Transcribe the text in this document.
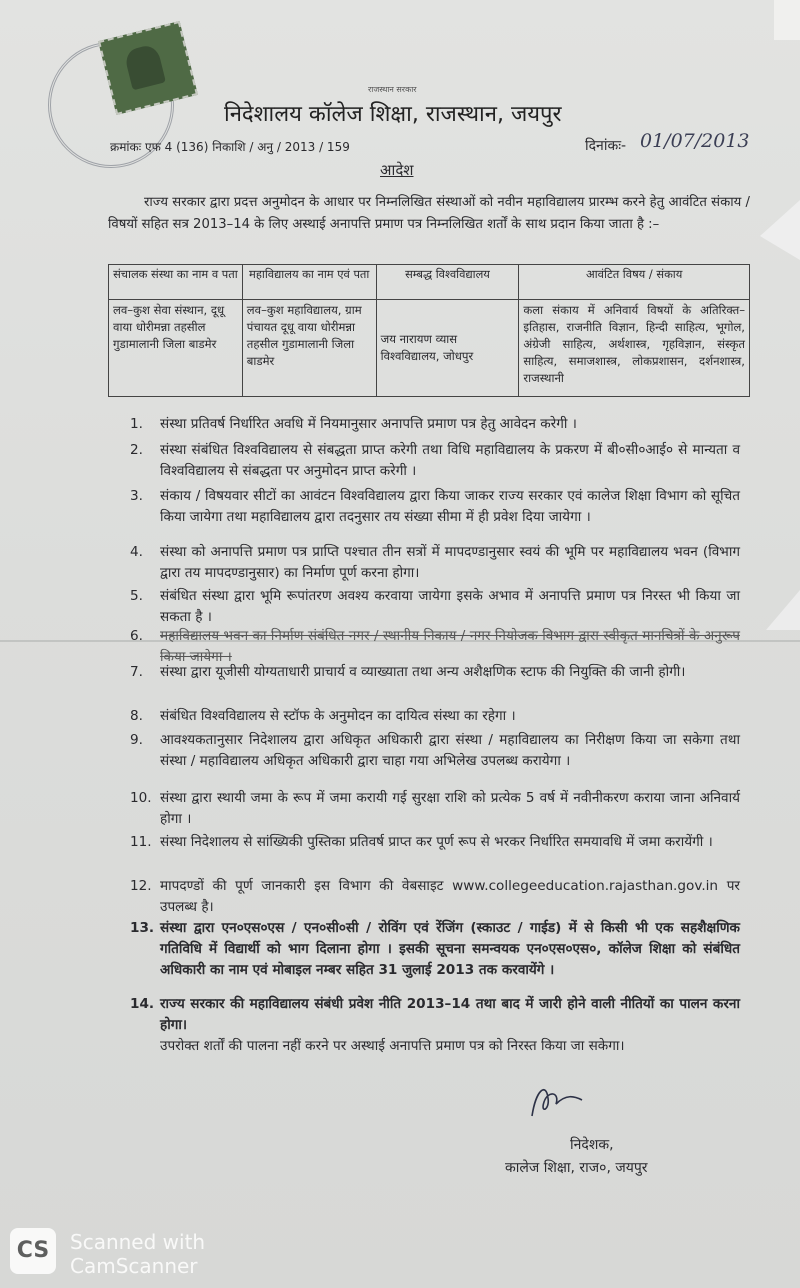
राजस्थान सरकार
निदेशालय कॉलेज शिक्षा, राजस्थान, जयपुर
क्रमांकः एफ 4 (136) निकाशि / अनु / 2013 / 159	दिनांकः- 01/07/2013
आदेश

राज्य सरकार द्वारा प्रदत्त अनुमोदन के आधार पर निम्नलिखित संस्थाओं को नवीन महाविद्यालय प्रारम्भ करने हेतु आवंटित संकाय / विषयों सहित सत्र 2013–14 के लिए अस्थाई अनापत्ति प्रमाण पत्र निम्नलिखित शर्तों के साथ प्रदान किया जाता है :–

संचालक संस्था का नाम व पता	महाविद्यालय का नाम एवं पता	सम्बद्ध विश्वविद्यालय	आवंटित विषय / संकाय
लव–कुश सेवा संस्थान, दूधू वाया धोरीमन्ना तहसील गुडामालानी जिला बाडमेर	लव–कुश महाविद्यालय, ग्राम पंचायत दूधू वाया धोरीमन्ना तहसील गुडामालानी जिला बाडमेर	जय नारायण व्यास विश्वविद्यालय, जोधपुर	कला संकाय में अनिवार्य विषयों के अतिरिक्त– इतिहास, राजनीति विज्ञान, हिन्दी साहित्य, भूगोल, अंग्रेजी साहित्य, अर्थशास्त्र, गृहविज्ञान, संस्कृत साहित्य, समाजशास्त्र, लोकप्रशासन, दर्शनशास्त्र, राजस्थानी
1. संस्था प्रतिवर्ष निर्धारित अवधि में नियमानुसार अनापत्ति प्रमाण पत्र हेतु आवेदन करेगी ।
2. संस्था संबंधित विश्वविद्यालय से संबद्धता प्राप्त करेगी तथा विधि महाविद्यालय के प्रकरण में बी०सी०आई० से मान्यता व विश्वविद्यालय से संबद्धता पर अनुमोदन प्राप्त करेगी ।
3. संकाय / विषयवार सीटों का आवंटन विश्वविद्यालय द्वारा किया जाकर राज्य सरकार एवं कालेज शिक्षा विभाग को सूचित किया जायेगा तथा महाविद्यालय द्वारा तदनुसार तय संख्या सीमा में ही प्रवेश दिया जायेगा ।
4. संस्था को अनापत्ति प्रमाण पत्र प्राप्ति पश्चात तीन सत्रों में मापदण्डानुसार स्वयं की भूमि पर महाविद्यालय भवन (विभाग द्वारा तय मापदण्डानुसार) का निर्माण पूर्ण करना होगा।
5. संबंधित संस्था द्वारा भूमि रूपांतरण अवश्य करवाया जायेगा इसके अभाव में अनापत्ति प्रमाण पत्र निरस्त भी किया जा सकता है ।
6. महाविद्यालय भवन का निर्माण संबंधित नगर / स्थानीय निकाय / नगर नियोजक विभाग द्वारा स्वीकृत मानचित्रों के अनुरूप किया जायेगा ।
7. संस्था द्वारा यूजीसी योग्यताधारी प्राचार्य व व्याख्याता तथा अन्य अशैक्षणिक स्टाफ की नियुक्ति की जानी होगी।
8. संबंधित विश्वविद्यालय से स्टॉफ के अनुमोदन का दायित्व संस्था का रहेगा ।
9. आवश्यकतानुसार निदेशालय द्वारा अधिकृत अधिकारी द्वारा संस्था / महाविद्यालय का निरीक्षण किया जा सकेगा तथा संस्था / महाविद्यालय अधिकृत अधिकारी द्वारा चाहा गया अभिलेख उपलब्ध करायेगा ।
10. संस्था द्वारा स्थायी जमा के रूप में जमा करायी गई सुरक्षा राशि को प्रत्येक 5 वर्ष में नवीनीकरण कराया जाना अनिवार्य होगा ।
11. संस्था निदेशालय से सांख्यिकी पुस्तिका प्रतिवर्ष प्राप्त कर पूर्ण रूप से भरकर निर्धारित समयावधि में जमा करायेंगी ।
12. मापदण्डों की पूर्ण जानकारी इस विभाग की वेबसाइट www.collegeeducation.rajasthan.gov.in पर उपलब्ध है।
13. संस्था द्वारा एन०एस०एस / एन०सी०सी / रोविंग एवं रेंजिंग (स्काउट / गाईड) में से किसी भी एक सहशैक्षणिक गतिविधि में विद्यार्थी को भाग दिलाना होगा । इसकी सूचना समन्वयक एन०एस०एस०, कॉलेज शिक्षा को संबंधित अधिकारी का नाम एवं मोबाइल नम्बर सहित 31 जुलाई 2013 तक करवायेंगे ।
14. राज्य सरकार की महाविद्यालय संबंधी प्रवेश नीति 2013–14 तथा बाद में जारी होने वाली नीतियों का पालन करना होगा।
उपरोक्त शर्तों की पालना नहीं करने पर अस्थाई अनापत्ति प्रमाण पत्र को निरस्त किया जा सकेगा।
निदेशक,
कालेज शिक्षा, राज०, जयपुर
CS	Scanned with
CamScanner
